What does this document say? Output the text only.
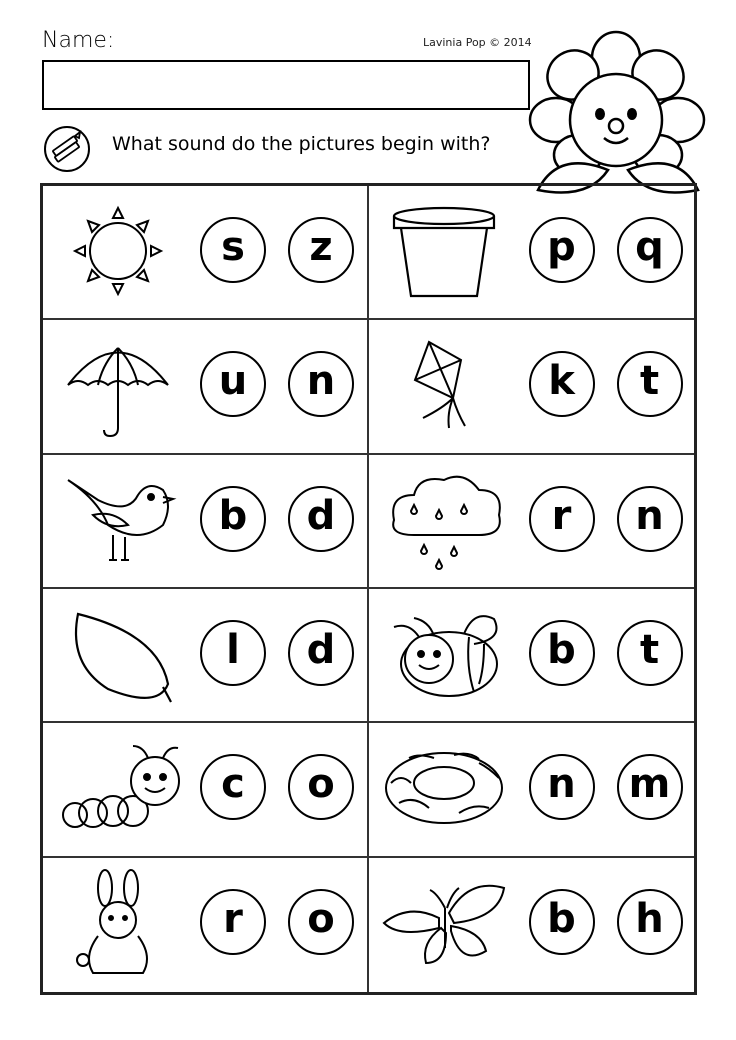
Name:	Lavinia Pop © 2014
What sound do the pictures begin with?
s	z	p	q
u	n	k	t
b	d	r	n
l	d	b	t
c	o	n	m
r	o	b	h
